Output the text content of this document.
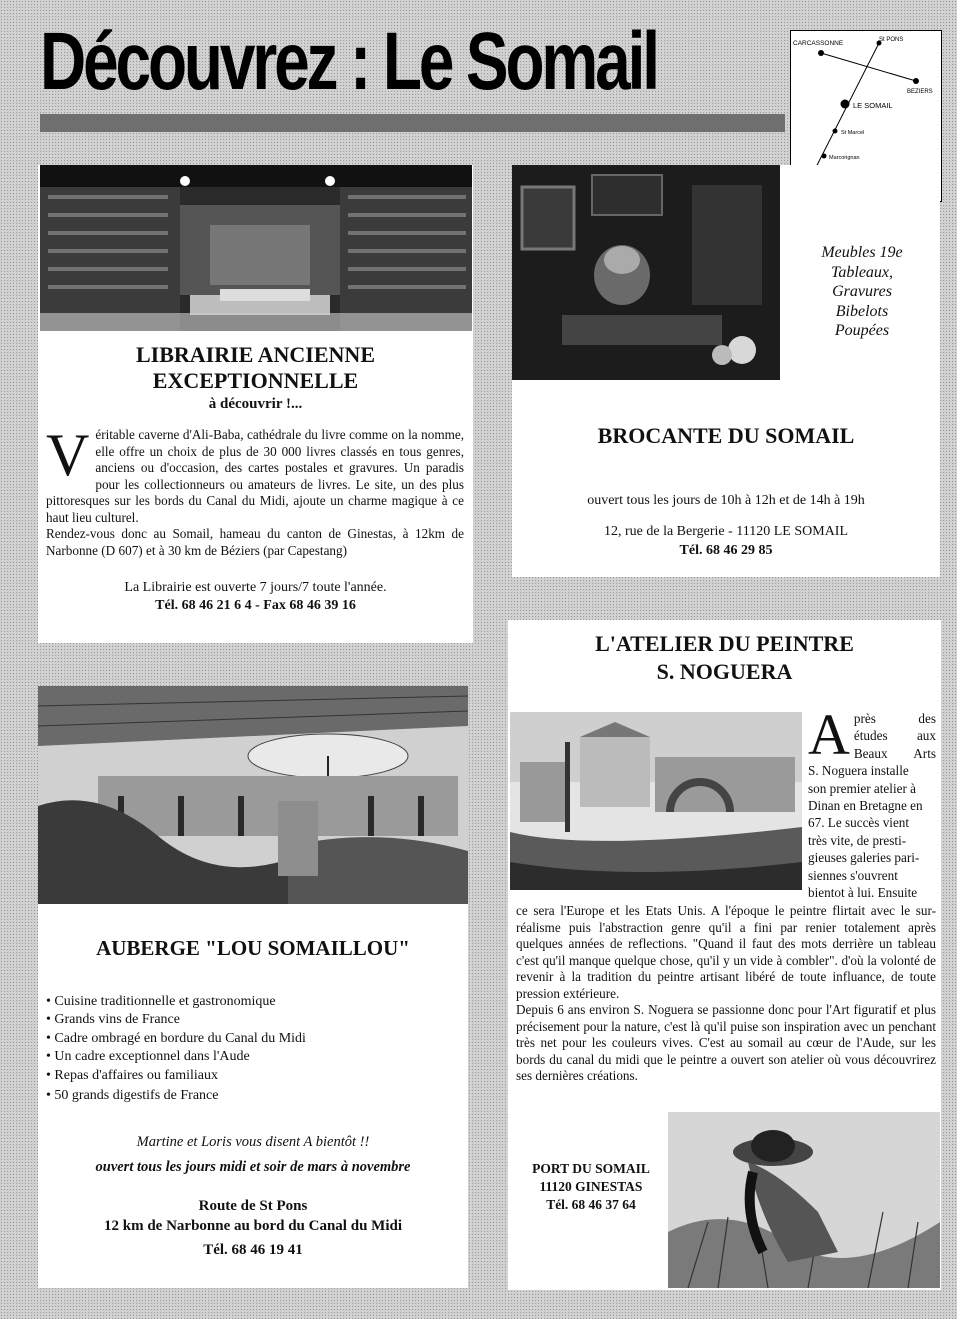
Découvrez : Le Somail	CARCASSONNE	St PONS
BEZIERS
LE SOMAIL
St Marcel
Marcorignan
LIBRAIRIE ANCIENNE
EXCEPTIONNELLE
à découvrir !...
V éritable caverne d'Ali-Baba, cathédrale du livre comme on la nomme, elle offre un choix de plus de 30 000 livres classés en tous genres, anciens ou d'occasion, des cartes postales et gravures. Un paradis pour les collectionneurs ou amateurs de livres. Le site, un des plus pittoresques sur les bords du Canal du Midi, ajoute un charme magique à ce haut lieu culturel.
Rendez-vous donc au Somail, hameau du canton de Ginestas, à 12km de Narbonne (D 607) et à 30 km de Béziers (par Capestang)
La Librairie est ouverte 7 jours/7 toute l'année.
Tél. 68 46 21 6 4 - Fax 68 46 39 16
Meubles 19e
Tableaux,
Gravures
Bibelots
Poupées
BROCANTE DU SOMAIL
ouvert tous les jours de 10h à 12h et de 14h à 19h
12, rue de la Bergerie - 11120 LE SOMAIL
Tél. 68 46 29 85
L'ATELIER DU PEINTRE
S. NOGUERA
A près des
études aux
Beaux Arts
S. Noguera installe
son premier atelier à
Dinan en Bretagne en
67. Le succès vient
très vite, de presti-
gieuses galeries pari-
siennes s'ouvrent
bientot à lui. Ensuite
ce sera l'Europe et les Etats Unis. A l'époque le peintre flirtait avec le sur-réalisme puis l'abstraction genre qu'il a fini par renier totalement après quelques années de reflections. "Quand il faut des mots derrière un tableau c'est qu'il manque quelque chose, qu'il y un vide à combler". d'où la volonté de revenir à la tradition du peintre artisant libéré de toute influance, de toute pression extérieure.
Depuis 6 ans environ S. Noguera se passionne donc pour l'Art figuratif et plus précisement pour la nature, c'est là qu'il puise son inspiration avec un penchant très net pour les couleurs vives. C'est au somail au cœur de l'Aude, sur les bords du canal du midi que le peintre a ouvert son atelier où vous découvrirez ses dernières créations.
PORT DU SOMAIL
11120 GINESTAS
Tél. 68 46 37 64
AUBERGE "LOU SOMAILLOU"
• Cuisine traditionnelle et gastronomique
• Grands vins de France
• Cadre ombragé en bordure du Canal du Midi
• Un cadre exceptionnel dans l'Aude
• Repas d'affaires ou familiaux
• 50 grands digestifs de France
Martine et Loris vous disent A bientôt !!
ouvert tous les jours midi et soir de mars à novembre
Route de St Pons
12 km de Narbonne au bord du Canal du Midi
Tél. 68 46 19 41
